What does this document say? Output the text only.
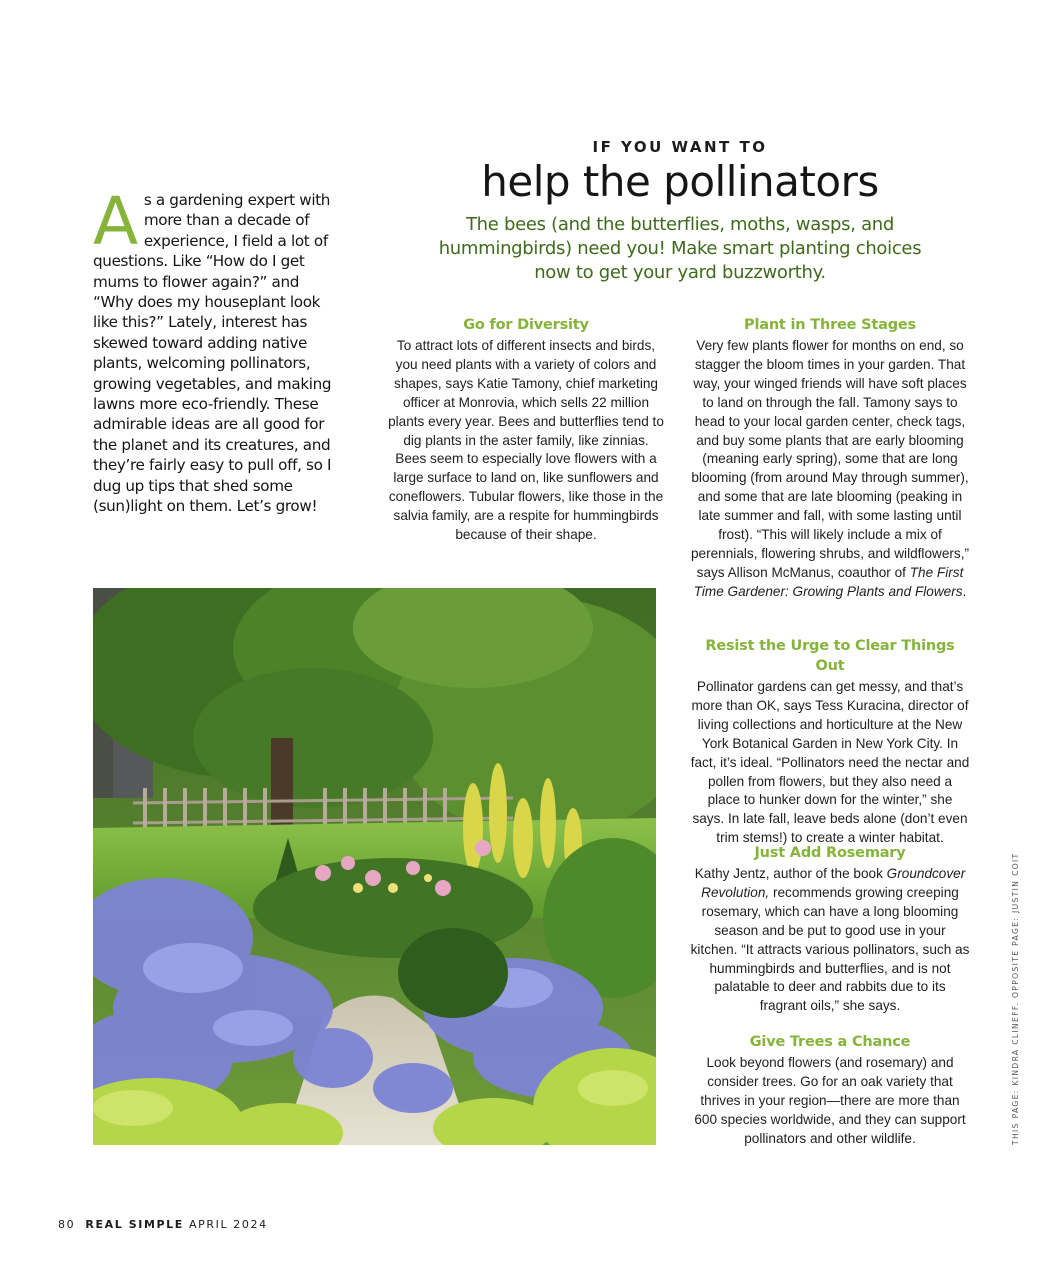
IF YOU WANT TO
help the pollinators
The bees (and the butterflies, moths, wasps, and hummingbirds) need you! Make smart planting choices now to get your yard buzzworthy.
As a gardening expert with more than a decade of experience, I field a lot of questions. Like “How do I get mums to flower again?” and “Why does my houseplant look like this?” Lately, interest has skewed toward adding native plants, welcoming pollinators, growing vegetables, and making lawns more eco-friendly. These admirable ideas are all good for the planet and its creatures, and they’re fairly easy to pull off, so I dug up tips that shed some (sun)light on them. Let’s grow!
Go for Diversity
To attract lots of different insects and birds, you need plants with a variety of colors and shapes, says Katie Tamony, chief marketing officer at Monrovia, which sells 22 million plants every year. Bees and butterflies tend to dig plants in the aster family, like zinnias. Bees seem to especially love flowers with a large surface to land on, like sunflowers and coneflowers. Tubular flowers, like those in the salvia family, are a respite for hummingbirds because of their shape.
Plant in Three Stages
Very few plants flower for months on end, so stagger the bloom times in your garden. That way, your winged friends will have soft places to land on through the fall. Tamony says to head to your local garden center, check tags, and buy some plants that are early blooming (meaning early spring), some that are long blooming (from around May through summer), and some that are late blooming (peaking in late summer and fall, with some lasting until frost). “This will likely include a mix of perennials, flowering shrubs, and wildflowers,” says Allison McManus, coauthor of The First Time Gardener: Growing Plants and Flowers.
Resist the Urge to Clear Things Out
Pollinator gardens can get messy, and that’s more than OK, says Tess Kuracina, director of living collections and horticulture at the New York Botanical Garden in New York City. In fact, it’s ideal. “Pollinators need the nectar and pollen from flowers, but they also need a place to hunker down for the winter,” she says. In late fall, leave beds alone (don’t even trim stems!) to create a winter habitat.
Just Add Rosemary
Kathy Jentz, author of the book Groundcover Revolution, recommends growing creeping rosemary, which can have a long blooming season and be put to good use in your kitchen. “It attracts various pollinators, such as hummingbirds and butterflies, and is not palatable to deer and rabbits due to its fragrant oils,” she says.
Give Trees a Chance
Look beyond flowers (and rosemary) and consider trees. Go for an oak variety that thrives in your region—there are more than 600 species worldwide, and they can support pollinators and other wildlife.
80 REAL SIMPLE APRIL 2024
THIS PAGE: KINDRA CLINEFF. OPPOSITE PAGE: JUSTIN COIT
